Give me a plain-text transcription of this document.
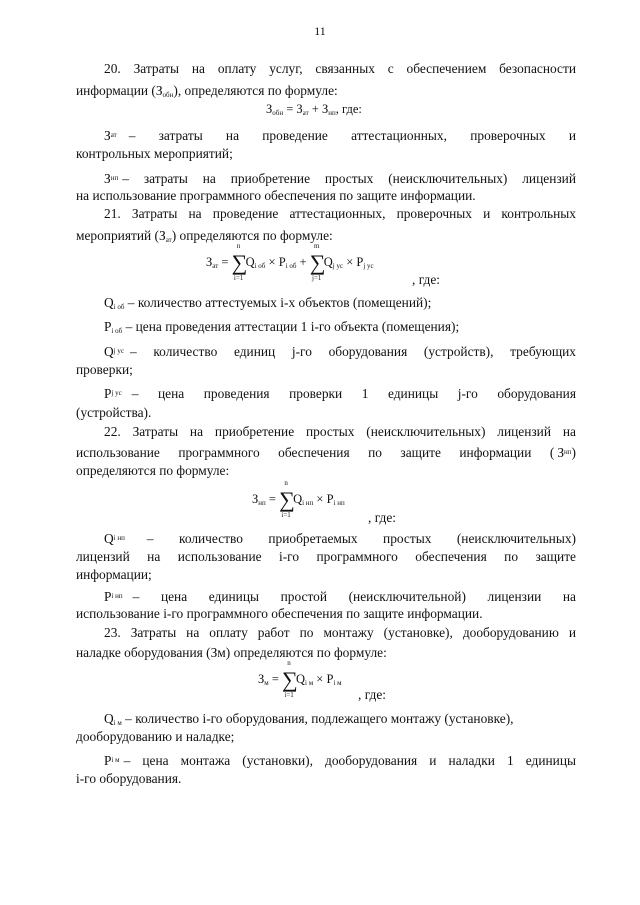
11
20. Затраты на оплату услуг, связанных с обеспечением безопасности
информации $(З_{обн})$, определяются по формуле:
$З_{обн} = З_{ат} + З_{нп}$, где:
З ат – затраты на проведение аттестационных, проверочных и
контрольных мероприятий;
З нп – затраты на приобретение простых (неисключительных) лицензий
на использование программного обеспечения по защите информации.
21. Затраты на проведение аттестационных, проверочных и контрольных
мероприятий $(З_{ат})$ определяются по формуле:
$З_{ат}$ = ∑
n
i=1
$Q_{i об} \times P_{i об}$ + ∑
m
j=1
$Q_{j ус} \times P_{j ус}$
, где:
$Q_{i об}$ – количество аттестуемых i-х объектов (помещений);
$P_{i об}$ – цена проведения аттестации 1 i-го объекта (помещения);
Q j ус – количество единиц j-го оборудования (устройств), требующих
проверки;
P j ус – цена проведения проверки 1 единицы j-го оборудования
(устройства).
22. Затраты на приобретение простых (неисключительных) лицензий на
использование программного обеспечения по защите информации ( З нп )
определяются по формуле:
$З_{нп}$ = ∑
n
i=1
$Q_{i нп} \times P_{i нп}$
, где:
Q i нп – количество приобретаемых простых (неисключительных)
лицензий на использование i-го программного обеспечения по защите
информации;
P i нп – цена единицы простой (неисключительной) лицензии на
использование i-го программного обеспечения по защите информации.
23. Затраты на оплату работ по монтажу (установке), дооборудованию и
наладке оборудования (Зм) определяются по формуле:
$З_м$ = ∑
n
i=1
$Q_{i м} \times P_{i м}$
, где:
$Q_{i м}$ – количество i-го оборудования, подлежащего монтажу (установке),
дооборудованию и наладке;
P i м – цена монтажа (установки), дооборудования и наладки 1 единицы
i-го оборудования.
